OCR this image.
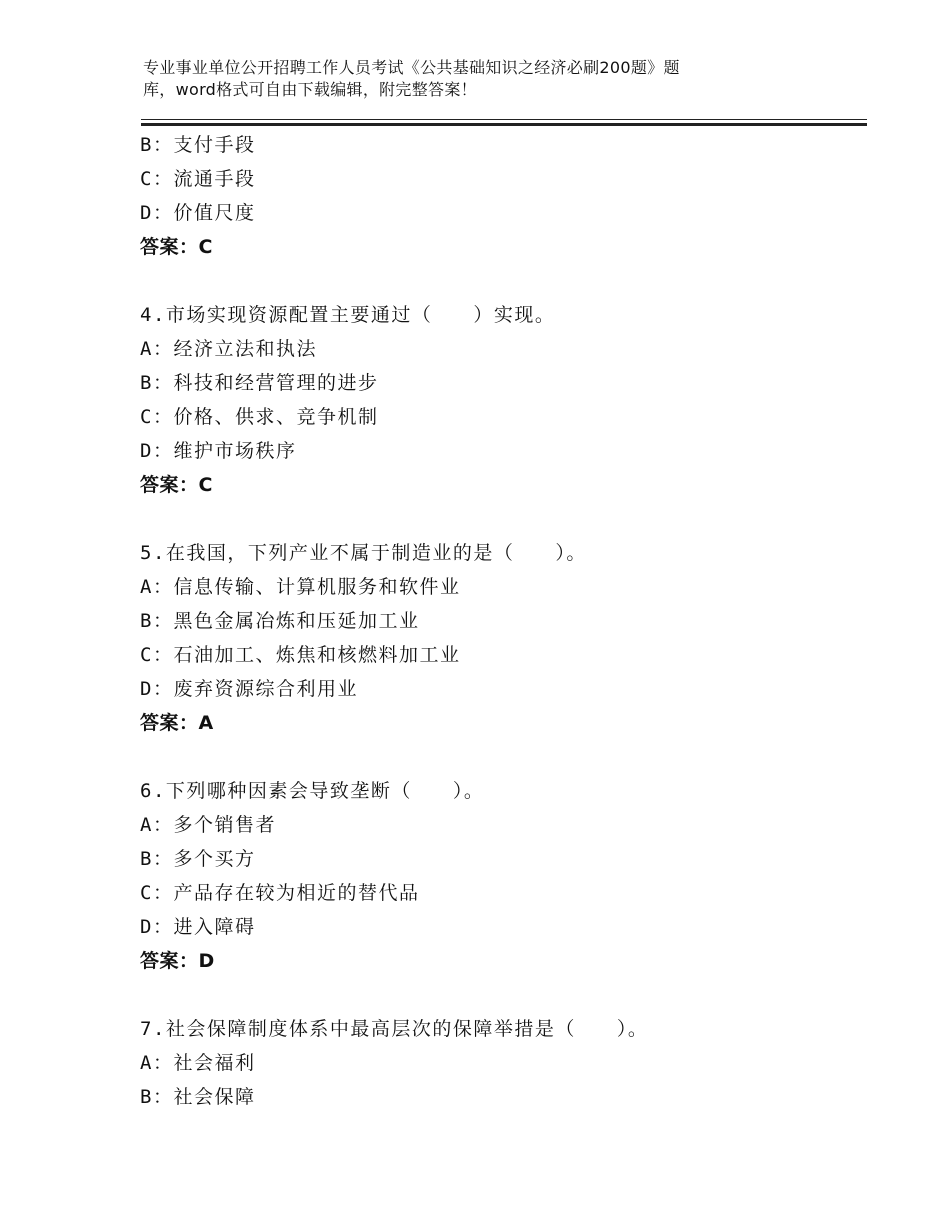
专业事业单位公开招聘工作人员考试《公共基础知识之经济必刷200题》题
库，word格式可自由下载编辑，附完整答案！
B：支付手段
C：流通手段
D：价值尺度
答案：C
4.市场实现资源配置主要通过（　　）实现。
A：经济立法和执法
B：科技和经营管理的进步
C：价格、供求、竞争机制
D：维护市场秩序
答案：C
5.在我国，下列产业不属于制造业的是（　　）。
A：信息传输、计算机服务和软件业
B：黑色金属冶炼和压延加工业
C：石油加工、炼焦和核燃料加工业
D：废弃资源综合利用业
答案：A
6.下列哪种因素会导致垄断（　　）。
A：多个销售者
B：多个买方
C：产品存在较为相近的替代品
D：进入障碍
答案：D
7.社会保障制度体系中最高层次的保障举措是（　　）。
A：社会福利
B：社会保障
